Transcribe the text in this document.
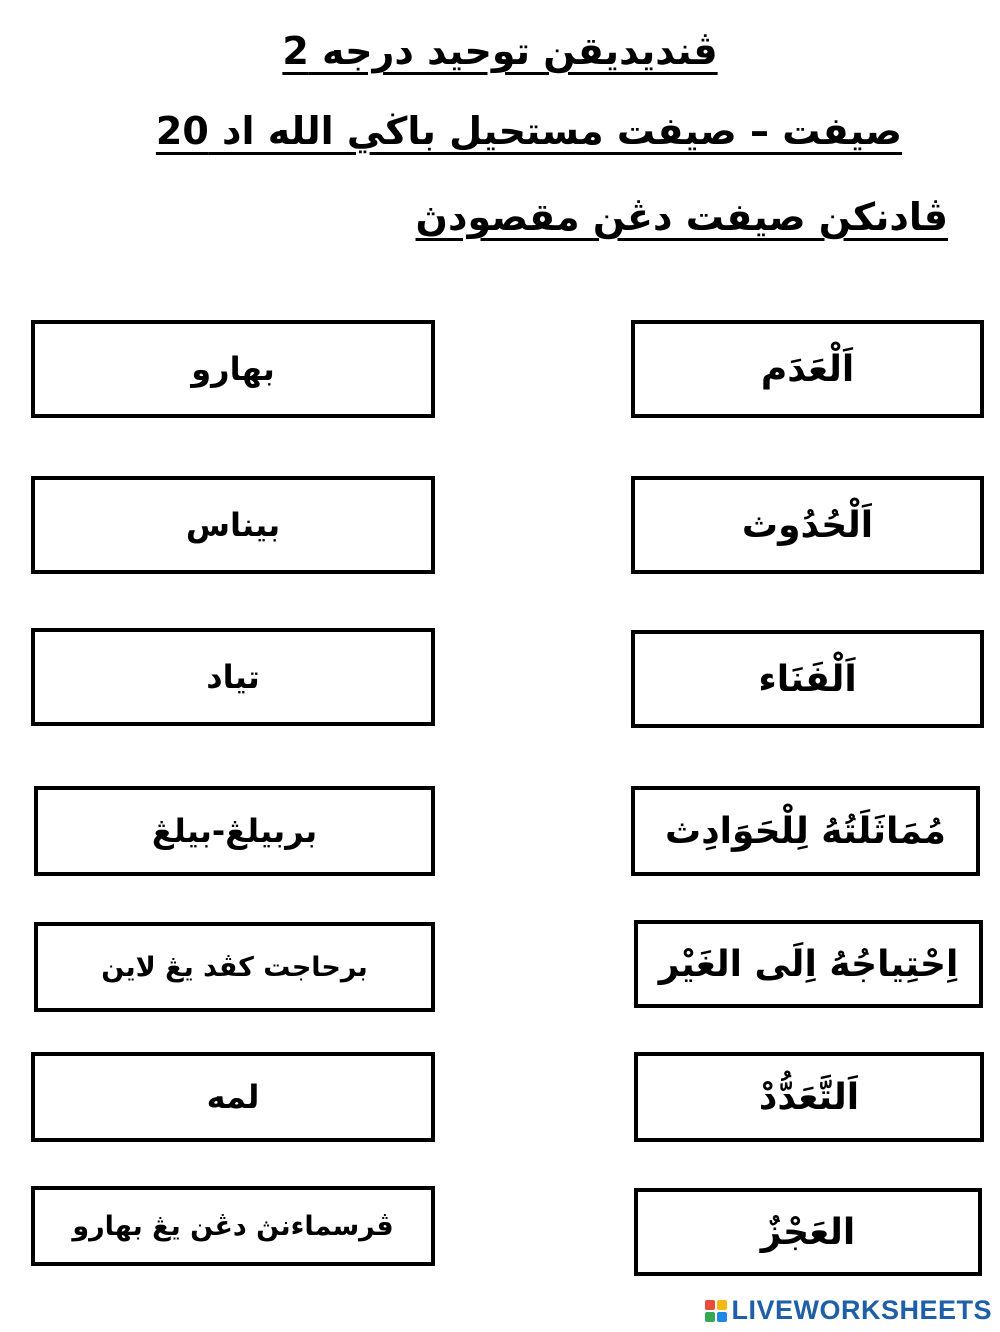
ڤنديديقن توحيد درجه 2
صيفت – صيفت مستحيل باڬي الله اد 20
ڤادنكن صيفت دڠن مقصودڽ
اَلْعَدَم
اَلْحُدُوث
اَلْفَنَاء
مُمَاثَلَتُهُ لِلْحَوَادِث
اِحْتِياجُهُ اِلَى الغَيْر
اَلتَّعَدُّدْ
العَجْزٌ
بهارو
بيناس
تياد
بربيلڠ-بيلڠ
برحاجت كڤد يڠ لاين
لمه
ڤرسماءنڽ دڠن يڠ بهارو
LIVEWORKSHEETS
